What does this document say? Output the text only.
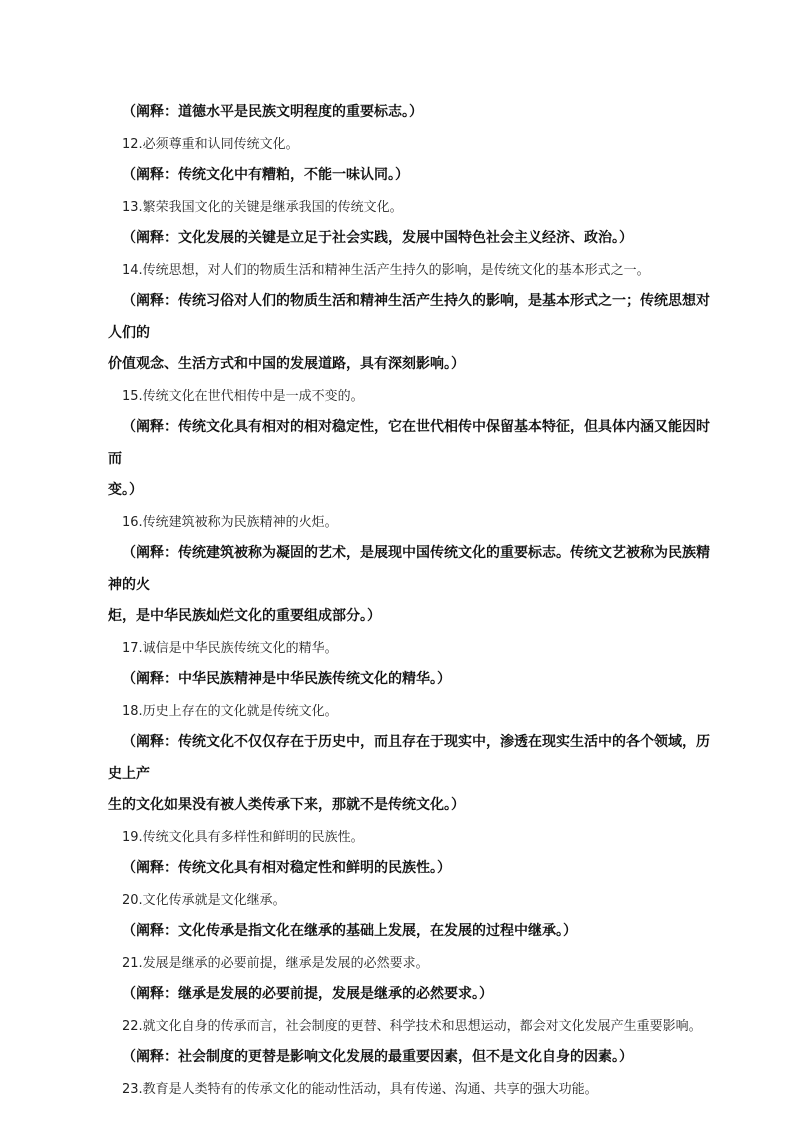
（阐释：道德水平是民族文明程度的重要标志。）
12.必须尊重和认同传统文化。
（阐释：传统文化中有糟粕，不能一味认同。）
13.繁荣我国文化的关键是继承我国的传统文化。
（阐释：文化发展的关键是立足于社会实践，发展中国特色社会主义经济、政治。）
14.传统思想，对人们的物质生活和精神生活产生持久的影响，是传统文化的基本形式之一。
（阐释：传统习俗对人们的物质生活和精神生活产生持久的影响，是基本形式之一；传统思想对人们的
价值观念、生活方式和中国的发展道路，具有深刻影响。）
15.传统文化在世代相传中是一成不变的。
（阐释：传统文化具有相对的相对稳定性，它在世代相传中保留基本特征，但具体内涵又能因时而
变。）
16.传统建筑被称为民族精神的火炬。
（阐释：传统建筑被称为凝固的艺术，是展现中国传统文化的重要标志。传统文艺被称为民族精神的火
炬，是中华民族灿烂文化的重要组成部分。）
17.诚信是中华民族传统文化的精华。
（阐释：中华民族精神是中华民族传统文化的精华。）
18.历史上存在的文化就是传统文化。
（阐释：传统文化不仅仅存在于历史中，而且存在于现实中，渗透在现实生活中的各个领域，历史上产
生的文化如果没有被人类传承下来，那就不是传统文化。）
19.传统文化具有多样性和鲜明的民族性。
（阐释：传统文化具有相对稳定性和鲜明的民族性。）
20.文化传承就是文化继承。
（阐释：文化传承是指文化在继承的基础上发展，在发展的过程中继承。）
21.发展是继承的必要前提，继承是发展的必然要求。
（阐释：继承是发展的必要前提，发展是继承的必然要求。）
22.就文化自身的传承而言，社会制度的更替、科学技术和思想运动，都会对文化发展产生重要影响。
（阐释：社会制度的更替是影响文化发展的最重要因素，但不是文化自身的因素。）
23.教育是人类特有的传承文化的能动性活动，具有传递、沟通、共享的强大功能。
